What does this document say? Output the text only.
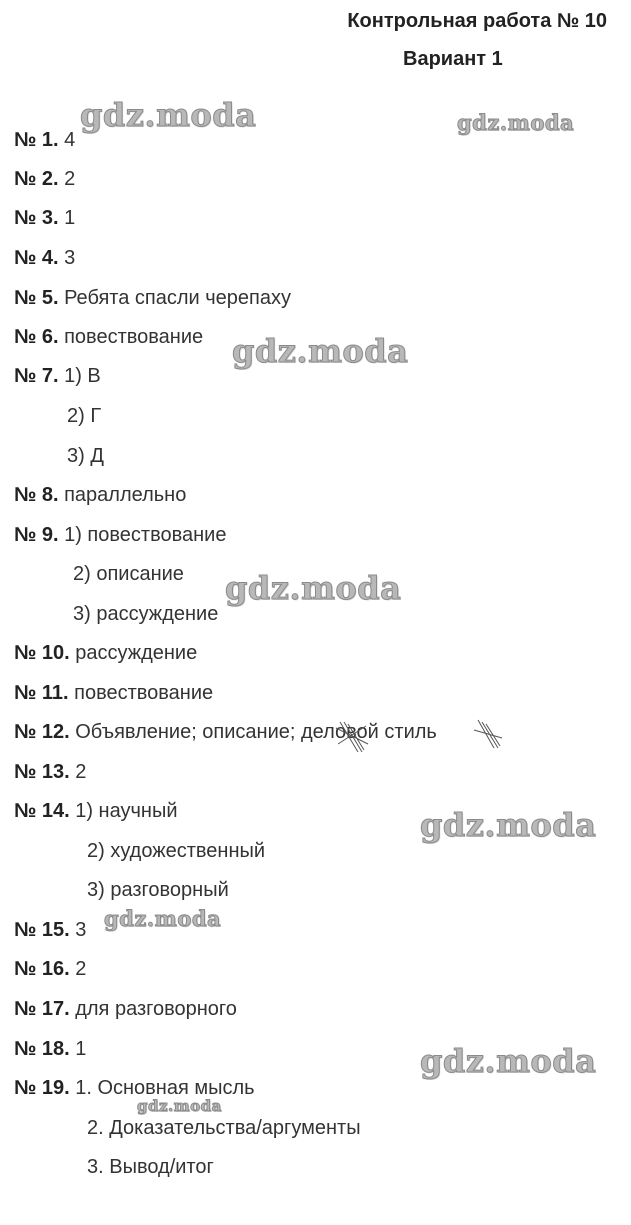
Контрольная работа № 10
Вариант 1
№ 1. 4
№ 2. 2
№ 3. 1
№ 4. 3
№ 5. Ребята спасли черепаху
№ 6. повествование
№ 7. 1) В
2) Г
3) Д
№ 8. параллельно
№ 9. 1) повествование
2) описание
3) рассуждение
№ 10. рассуждение
№ 11. повествование
№ 12. Объявление; описание; деловой стиль
№ 13. 2
№ 14. 1) научный
2) художественный
3) разговорный
№ 15. 3
№ 16. 2
№ 17. для разговорного
№ 18. 1
№ 19. 1. Основная мысль
2. Доказательства/аргументы
3. Вывод/итог
gdz.moda	gdz.moda
gdz.moda
gdz.moda
gdz.moda
gdz.moda
gdz.moda
gdz.moda
